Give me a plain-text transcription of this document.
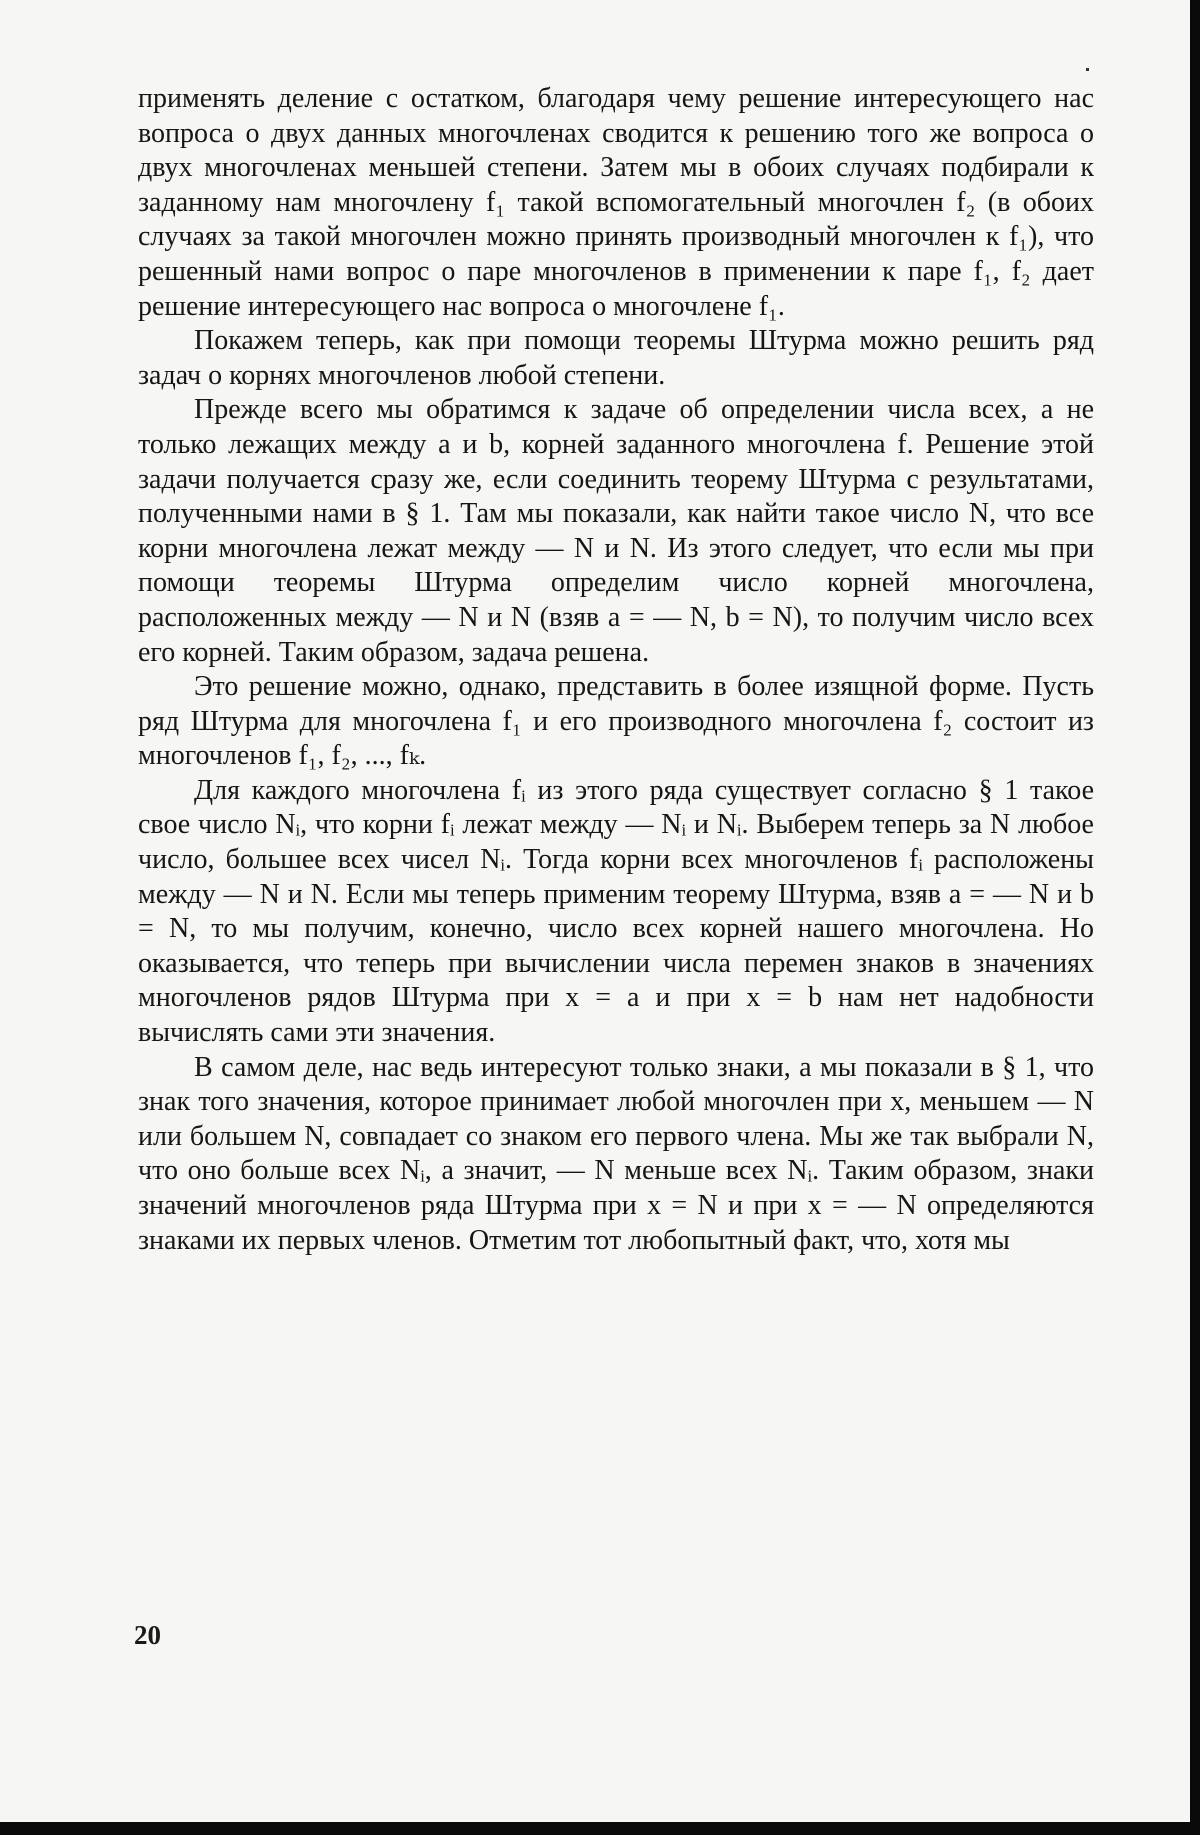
применять деление с остатком, благодаря чему решение интересующего нас вопроса о двух данных многочленах сводится к решению того же вопроса о двух многочленах меньшей степени. Затем мы в обоих случаях подбирали к заданному нам многочлену f₁ такой вспомогательный многочлен f₂ (в обоих случаях за такой многочлен можно принять производный многочлен к f₁), что решенный нами вопрос о паре многочленов в применении к паре f₁, f₂ дает решение интересующего нас вопроса о многочлене f₁.

Покажем теперь, как при помощи теоремы Штурма можно решить ряд задач о корнях многочленов любой степени.

Прежде всего мы обратимся к задаче об определении числа всех, а не только лежащих между a и b, корней заданного многочлена f. Решение этой задачи получается сразу же, если соединить теорему Штурма с результатами, полученными нами в § 1. Там мы показали, как найти такое число N, что все корни многочлена лежат между — N и N. Из этого следует, что если мы при помощи теоремы Штурма определим число корней многочлена, расположенных между — N и N (взяв a = — N, b = N), то получим число всех его корней. Таким образом, задача решена.

Это решение можно, однако, представить в более изящной форме. Пусть ряд Штурма для многочлена f₁ и его производного многочлена f₂ состоит из многочленов f₁, f₂, ..., fₖ.

Для каждого многочлена fᵢ из этого ряда существует согласно § 1 такое свое число Nᵢ, что корни fᵢ лежат между — Nᵢ и Nᵢ. Выберем теперь за N любое число, большее всех чисел Nᵢ. Тогда корни всех многочленов fᵢ расположены между — N и N. Если мы теперь применим теорему Штурма, взяв a = — N и b = N, то мы получим, конечно, число всех корней нашего многочлена. Но оказывается, что теперь при вычислении числа перемен знаков в значениях многочленов рядов Штурма при x = a и при x = b нам нет надобности вычислять сами эти значения.

В самом деле, нас ведь интересуют только знаки, а мы показали в § 1, что знак того значения, которое принимает любой многочлен при x, меньшем — N или большем N, совпадает со знаком его первого члена. Мы же так выбрали N, что оно больше всех Nᵢ, а значит, — N меньше всех Nᵢ. Таким образом, знаки значений многочленов ряда Штурма при x = N и при x = — N определяются знаками их первых членов. Отметим тот любопытный факт, что, хотя мы

20
